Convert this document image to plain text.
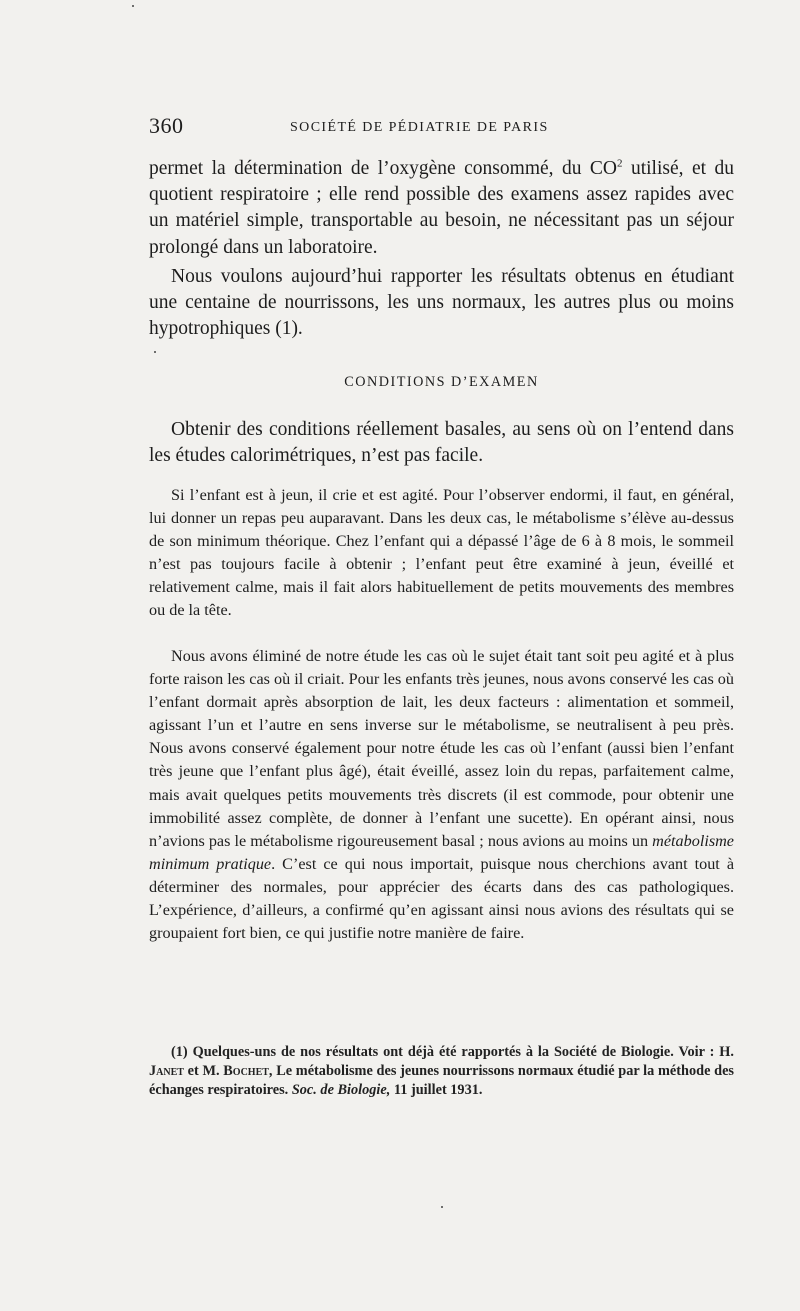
360	SOCIÉTÉ DE PÉDIATRIE DE PARIS

permet la détermination de l’oxygène consommé, du $CO^2$ utilisé, et du quotient respiratoire ; elle rend possible des examens assez rapides avec un matériel simple, transportable au besoin, ne nécessitant pas un séjour prolongé dans un laboratoire.

Nous voulons aujourd’hui rapporter les résultats obtenus en étudiant une centaine de nourrissons, les uns normaux, les autres plus ou moins hypotrophiques (1).

CONDITIONS D’EXAMEN

Obtenir des conditions réellement basales, au sens où on l’entend dans les études calorimétriques, n’est pas facile.

Si l’enfant est à jeun, il crie et est agité. Pour l’observer endormi, il faut, en général, lui donner un repas peu auparavant. Dans les deux cas, le métabolisme s’élève au-dessus de son minimum théorique. Chez l’enfant qui a dépassé l’âge de 6 à 8 mois, le sommeil n’est pas toujours facile à obtenir ; l’enfant peut être examiné à jeun, éveillé et relativement calme, mais il fait alors habituellement de petits mouvements des membres ou de la tête.

Nous avons éliminé de notre étude les cas où le sujet était tant soit peu agité et à plus forte raison les cas où il criait. Pour les enfants très jeunes, nous avons conservé les cas où l’enfant dormait après absorption de lait, les deux facteurs : alimentation et sommeil, agissant l’un et l’autre en sens inverse sur le métabolisme, se neutralisent à peu près. Nous avons conservé également pour notre étude les cas où l’enfant (aussi bien l’enfant très jeune que l’enfant plus âgé), était éveillé, assez loin du repas, parfaitement calme, mais avait quelques petits mouvements très discrets (il est commode, pour obtenir une immobilité assez complète, de donner à l’enfant une sucette). En opérant ainsi, nous n’avions pas le métabolisme rigoureusement basal ; nous avions au moins un métabolisme minimum pratique. C’est ce qui nous importait, puisque nous cherchions avant tout à déterminer des normales, pour apprécier des écarts dans des cas pathologiques. L’expérience, d’ailleurs, a confirmé qu’en agissant ainsi nous avions des résultats qui se groupaient fort bien, ce qui justifie notre manière de faire.

(1) Quelques-uns de nos résultats ont déjà été rapportés à la Société de Biologie. Voir : H. Janet et M. Bochet, Le métabolisme des jeunes nourrissons normaux étudié par la méthode des échanges respiratoires. Soc. de Biologie, 11 juillet 1931.
